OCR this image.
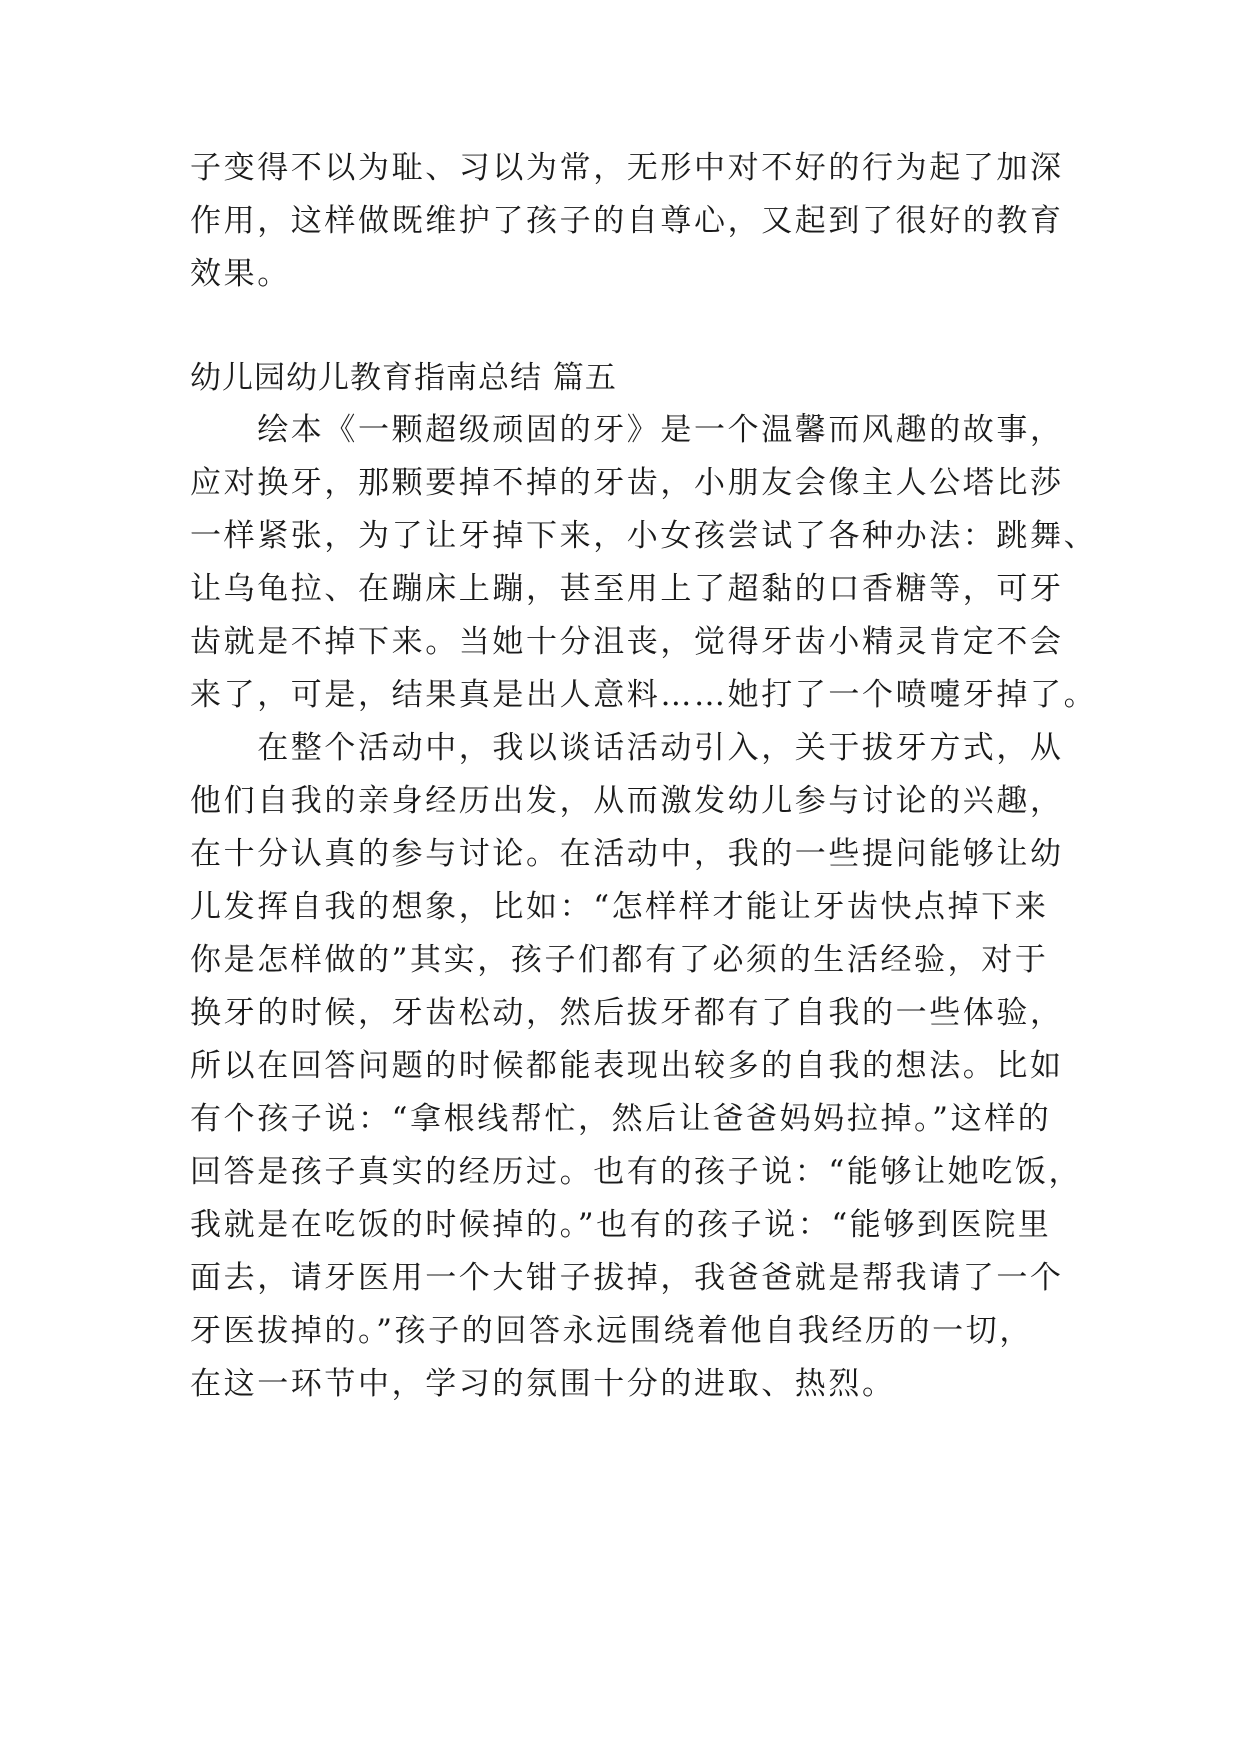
子变得不以为耻、习以为常，无形中对不好的行为起了加深
作用，这样做既维护了孩子的自尊心，又起到了很好的教育
效果。
幼儿园幼儿教育指南总结 篇五
　　绘本《一颗超级顽固的牙》是一个温馨而风趣的故事，
应对换牙，那颗要掉不掉的牙齿，小朋友会像主人公塔比莎
一样紧张，为了让牙掉下来，小女孩尝试了各种办法：跳舞、
让乌龟拉、在蹦床上蹦，甚至用上了超黏的口香糖等，可牙
齿就是不掉下来。当她十分沮丧，觉得牙齿小精灵肯定不会
来了，可是，结果真是出人意料……她打了一个喷嚏牙掉了。
　　在整个活动中，我以谈话活动引入，关于拔牙方式，从
他们自我的亲身经历出发，从而激发幼儿参与讨论的兴趣，
在十分认真的参与讨论。在活动中，我的一些提问能够让幼
儿发挥自我的想象，比如：“怎样样才能让牙齿快点掉下来
你是怎样做的”其实，孩子们都有了必须的生活经验，对于
换牙的时候，牙齿松动，然后拔牙都有了自我的一些体验，
所以在回答问题的时候都能表现出较多的自我的想法。比如
有个孩子说：“拿根线帮忙，然后让爸爸妈妈拉掉。”这样的
回答是孩子真实的经历过。也有的孩子说：“能够让她吃饭，
我就是在吃饭的时候掉的。”也有的孩子说：“能够到医院里
面去，请牙医用一个大钳子拔掉，我爸爸就是帮我请了一个
牙医拔掉的。”孩子的回答永远围绕着他自我经历的一切，
在这一环节中，学习的氛围十分的进取、热烈。
